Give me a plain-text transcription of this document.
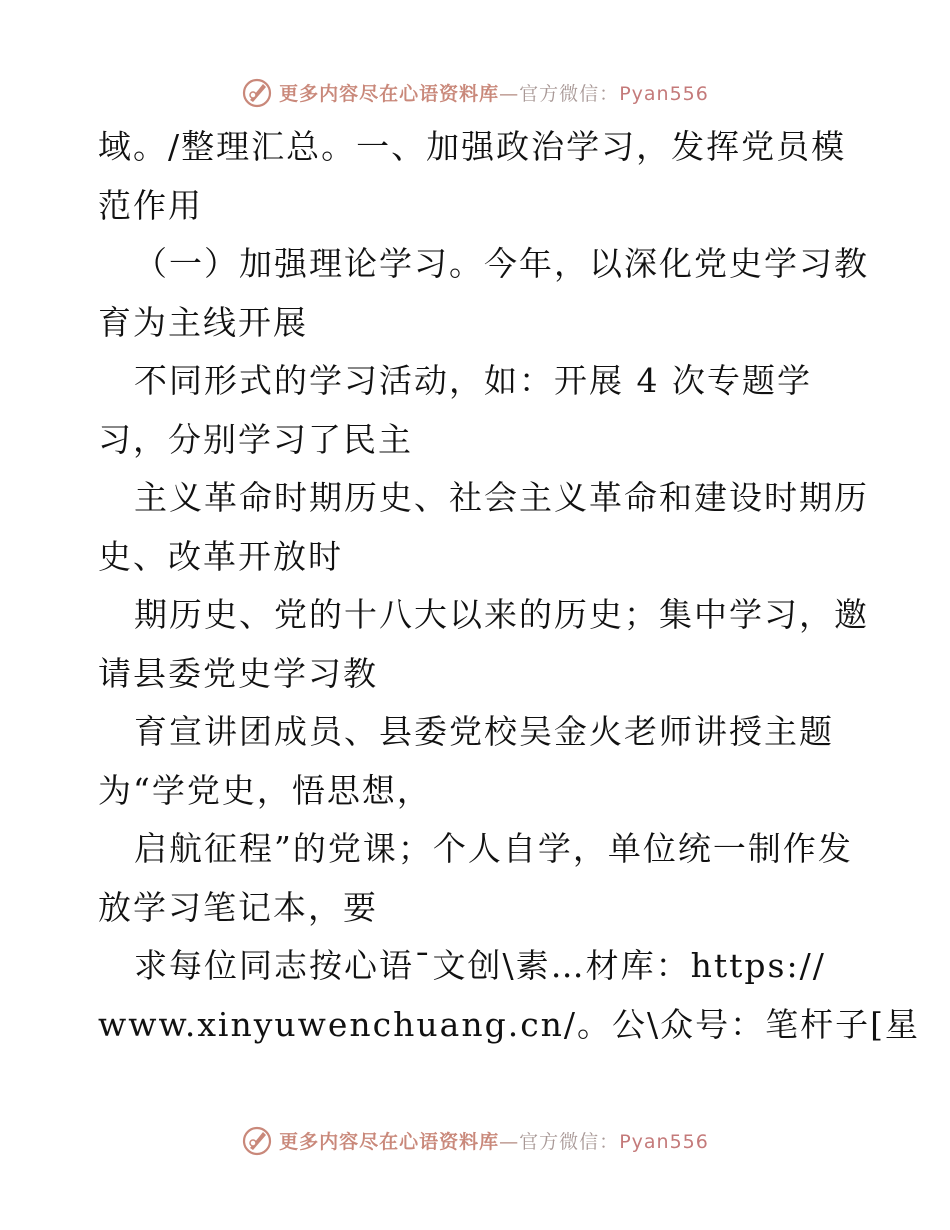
更多内容尽在心语资料库—官方微信：Pyan556
域。/整理汇总。一、加强政治学习，发挥党员模
范作用
（一）加强理论学习。今年，以深化党史学习教
育为主线开展
不同形式的学习活动，如：开展 4 次专题学
习，分别学习了民主
主义革命时期历史、社会主义革命和建设时期历
史、改革开放时
期历史、党的十八大以来的历史；集中学习，邀
请县委党史学习教
育宣讲团成员、县委党校吴金火老师讲授主题
为“学党史，悟思想，
启航征程”的党课；个人自学，单位统一制作发
放学习笔记本，要
求每位同志按心语¯文创\素…材库：https://
www.xinyuwenchuang.cn/。公\众号：笔杆子[星
更多内容尽在心语资料库—官方微信：Pyan556
